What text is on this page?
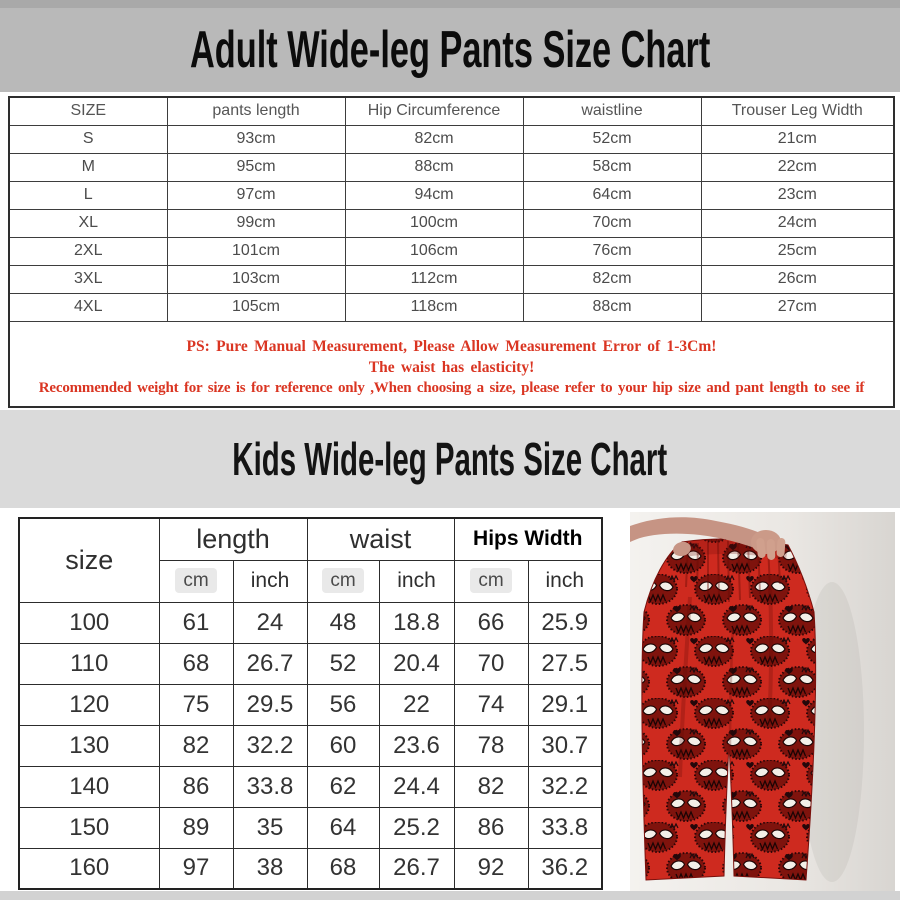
Adult Wide-leg Pants Size Chart
SIZE	pants length	Hip Circumference	waistline	Trouser Leg Width
S	93cm	82cm	52cm	21cm
M	95cm	88cm	58cm	22cm
L	97cm	94cm	64cm	23cm
XL	99cm	100cm	70cm	24cm
2XL	101cm	106cm	76cm	25cm
3XL	103cm	112cm	82cm	26cm
4XL	105cm	118cm	88cm	27cm

PS: Pure Manual Measurement, Please Allow Measurement Error of 1-3Cm!
The waist has elasticity!
Recommended weight for size is for reference only ,When choosing a size, please refer to your hip size and pant length to see if				
Kids Wide-leg Pants Size Chart
size	length		waist		Hips Width	
	cm	inch	cm	inch	cm	inch
100	61	24	48	18.8	66	25.9
110	68	26.7	52	20.4	70	27.5
120	75	29.5	56	22	74	29.1
130	82	32.2	60	23.6	78	30.7
140	86	33.8	62	24.4	82	32.2
150	89	35	64	25.2	86	33.8
160	97	38	68	26.7	92	36.2
